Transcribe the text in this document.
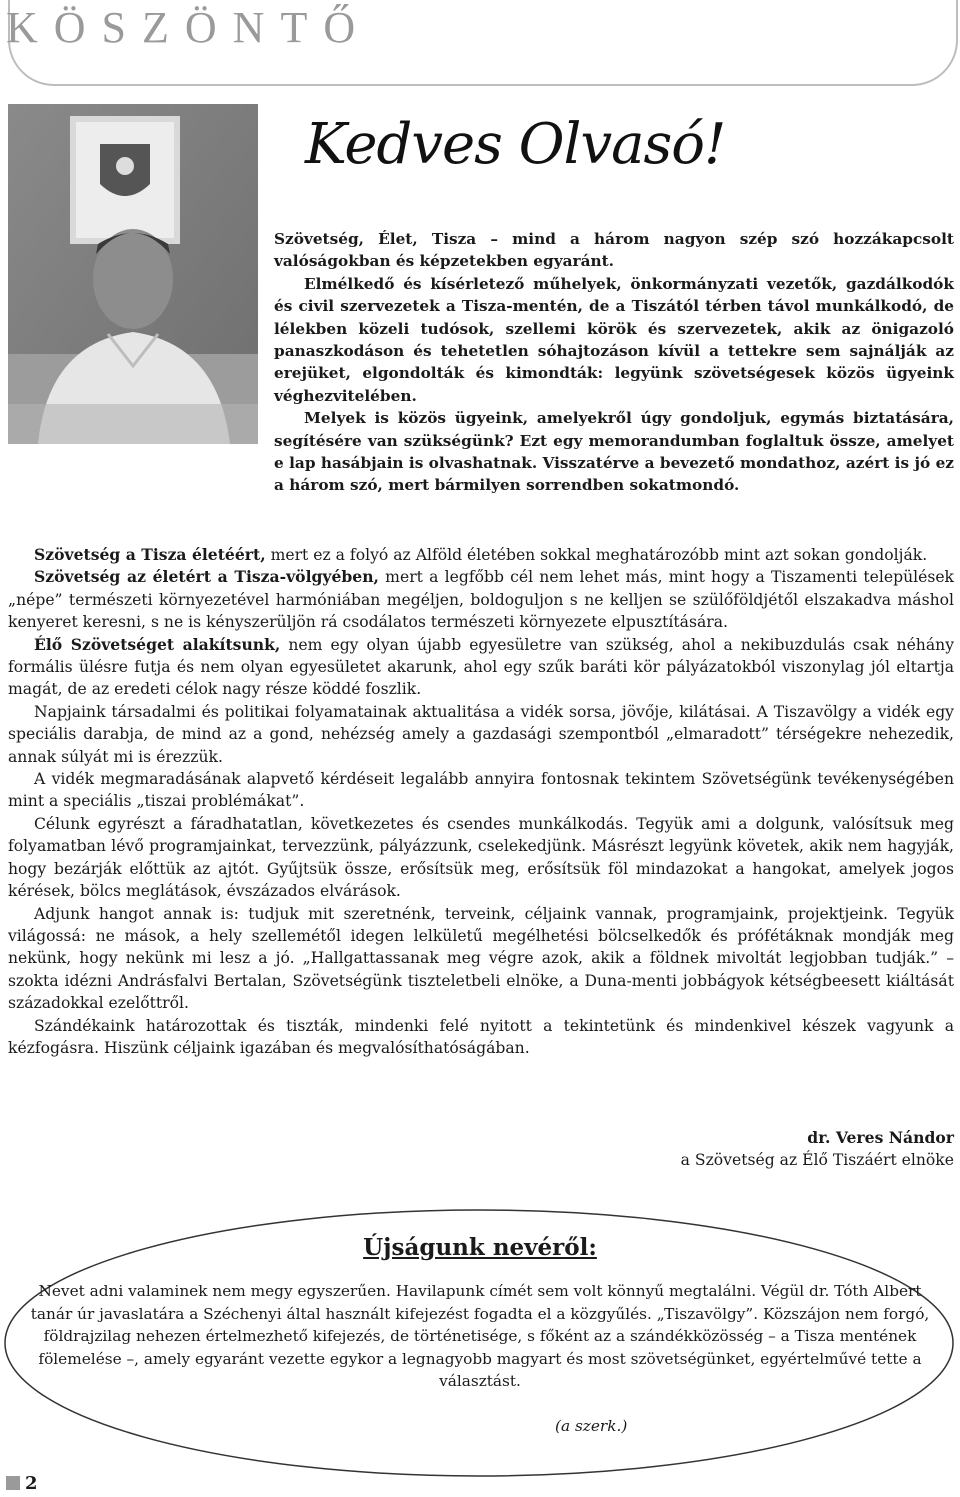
KÖSZÖNTŐ
Kedves Olvasó!

Szövetség, Élet, Tisza – mind a három nagyon szép szó hozzákapcsolt valóságokban és képzetekben egyaránt.

Elmélkedő és kísérletező műhelyek, önkormányzati vezetők, gazdálkodók és civil szervezetek a Tisza-mentén, de a Tiszától térben távol munkálkodó, de lélekben közeli tudósok, szellemi körök és szervezetek, akik az önigazoló panaszkodáson és tehetetlen sóhajtozáson kívül a tettekre sem sajnálják az erejüket, elgondolták és kimondták: legyünk szövetségesek közös ügyeink véghezvitelében.

Melyek is közös ügyeink, amelyekről úgy gondoljuk, egymás biztatására, segítésére van szükségünk? Ezt egy memorandumban foglaltuk össze, amelyet e lap hasábjain is olvashatnak. Visszatérve a bevezető mondathoz, azért is jó ez a három szó, mert bármilyen sorrendben sokatmondó.

Szövetség a Tisza életéért, mert ez a folyó az Alföld életében sokkal meghatározóbb mint azt sokan gondolják.

Szövetség az életért a Tisza-völgyében, mert a legfőbb cél nem lehet más, mint hogy a Tiszamenti települések „népe” természeti környezetével harmóniában megéljen, boldoguljon s ne kelljen se szülőföldjétől elszakadva máshol kenyeret keresni, s ne is kényszerüljön rá csodálatos természeti környezete elpusztítására.

Élő Szövetséget alakítsunk, nem egy olyan újabb egyesületre van szükség, ahol a nekibuzdulás csak néhány formális ülésre futja és nem olyan egyesületet akarunk, ahol egy szűk baráti kör pályázatokból viszonylag jól eltartja magát, de az eredeti célok nagy része köddé foszlik.

Napjaink társadalmi és politikai folyamatainak aktualitása a vidék sorsa, jövője, kilátásai. A Tiszavölgy a vidék egy speciális darabja, de mind az a gond, nehézség amely a gazdasági szempontból „elmaradott” térségekre nehezedik, annak súlyát mi is érezzük.

A vidék megmaradásának alapvető kérdéseit legalább annyira fontosnak tekintem Szövetségünk tevékenységében mint a speciális „tiszai problémákat”.

Célunk egyrészt a fáradhatatlan, következetes és csendes munkálkodás. Tegyük ami a dolgunk, valósítsuk meg folyamatban lévő programjainkat, tervezzünk, pályázzunk, cselekedjünk. Másrészt legyünk követek, akik nem hagyják, hogy bezárják előttük az ajtót. Gyűjtsük össze, erősítsük meg, erősítsük föl mindazokat a hangokat, amelyek jogos kérések, bölcs meglátások, évszázados elvárások.

Adjunk hangot annak is: tudjuk mit szeretnénk, terveink, céljaink vannak, programjaink, projektjeink. Tegyük világossá: ne mások, a hely szellemétől idegen lelkületű megélhetési bölcselkedők és prófétáknak mondják meg nekünk, hogy nekünk mi lesz a jó. „Hallgattassanak meg végre azok, akik a földnek mivoltát legjobban tudják.” – szokta idézni Andrásfalvi Bertalan, Szövetségünk tiszteletbeli elnöke, a Duna-menti jobbágyok kétségbeesett kiáltását századokkal ezelőttről.

Szándékaink határozottak és tiszták, mindenki felé nyitott a tekintetünk és mindenkivel készek vagyunk a kézfogásra. Hiszünk céljaink igazában és megvalósíthatóságában.

dr. Veres Nándor
a Szövetség az Élő Tiszáért elnöke
Újságunk nevéről:

Nevet adni valaminek nem megy egyszerűen. Havilapunk címét sem volt könnyű megtalálni. Végül dr. Tóth Albert tanár úr javaslatára a Széchenyi által használt kifejezést fogadta el a közgyűlés. „Tiszavölgy”. Közszájon nem forgó, földrajzilag nehezen értelmezhető kifejezés, de történetisége, s főként az a szándékközösség – a Tisza mentének fölemelése –, amely egyaránt vezette egykor a legnagyobb magyart és most szövetségünket, egyértelművé tette a választást.

(a szerk.)
2
